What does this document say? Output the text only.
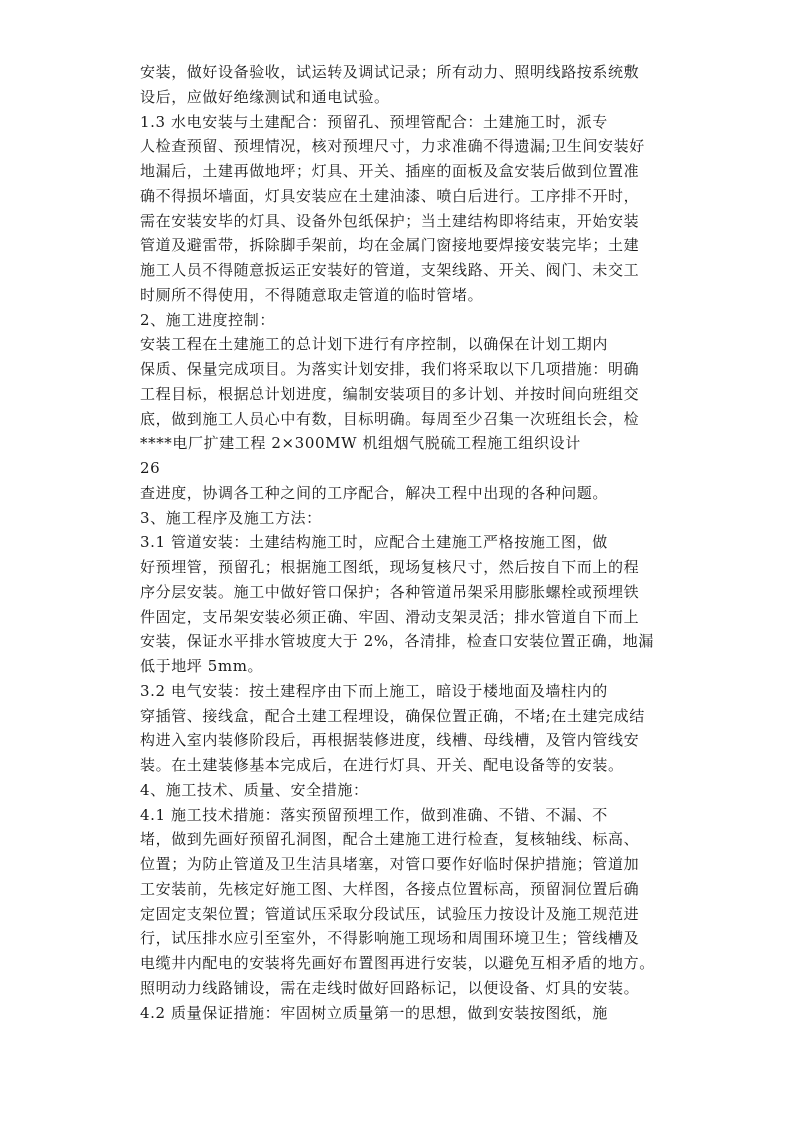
安装，做好设备验收，试运转及调试记录；所有动力、照明线路按系统敷
设后，应做好绝缘测试和通电试验。
1.3 水电安装与土建配合：预留孔、预埋管配合：土建施工时，派专
人检查预留、预埋情况，核对预埋尺寸，力求准确不得遗漏;卫生间安装好
地漏后，土建再做地坪；灯具、开关、插座的面板及盒安装后做到位置准
确不得损坏墙面，灯具安装应在土建油漆、喷白后进行。工序排不开时，
需在安装安毕的灯具、设备外包纸保护；当土建结构即将结束，开始安装
管道及避雷带，拆除脚手架前，均在金属门窗接地要焊接安装完毕；土建
施工人员不得随意扳运正安装好的管道，支架线路、开关、阀门、未交工
时厕所不得使用，不得随意取走管道的临时管堵。
2、施工进度控制：
安装工程在土建施工的总计划下进行有序控制，以确保在计划工期内
保质、保量完成项目。为落实计划安排，我们将采取以下几项措施：明确
工程目标，根据总计划进度，编制安装项目的多计划、并按时间向班组交
底，做到施工人员心中有数，目标明确。每周至少召集一次班组长会，检
****电厂扩建工程 2×300MW 机组烟气脱硫工程施工组织设计
26
查进度，协调各工种之间的工序配合，解决工程中出现的各种问题。
3、施工程序及施工方法：
3.1 管道安装：土建结构施工时，应配合土建施工严格按施工图，做
好预埋管，预留孔；根据施工图纸，现场复核尺寸，然后按自下而上的程
序分层安装。施工中做好管口保护；各种管道吊架采用膨胀螺栓或预埋铁
件固定，支吊架安装必须正确、牢固、滑动支架灵活；排水管道自下而上
安装，保证水平排水管坡度大于 2%，各清排，检查口安装位置正确，地漏
低于地坪 5mm。
3.2 电气安装：按土建程序由下而上施工，暗设于楼地面及墙柱内的
穿插管、接线盒，配合土建工程埋设，确保位置正确，不堵;在土建完成结
构进入室内装修阶段后，再根据装修进度，线槽、母线槽，及管内管线安
装。在土建装修基本完成后，在进行灯具、开关、配电设备等的安装。
4、施工技术、质量、安全措施：
4.1 施工技术措施：落实预留预埋工作，做到准确、不错、不漏、不
堵，做到先画好预留孔洞图，配合土建施工进行检查，复核轴线、标高、
位置；为防止管道及卫生洁具堵塞，对管口要作好临时保护措施；管道加
工安装前，先核定好施工图、大样图，各接点位置标高，预留洞位置后确
定固定支架位置；管道试压采取分段试压，试验压力按设计及施工规范进
行，试压排水应引至室外，不得影响施工现场和周围环境卫生；管线槽及
电缆井内配电的安装将先画好布置图再进行安装，以避免互相矛盾的地方。
照明动力线路铺设，需在走线时做好回路标记，以便设备、灯具的安装。
4.2 质量保证措施：牢固树立质量第一的思想，做到安装按图纸，施
